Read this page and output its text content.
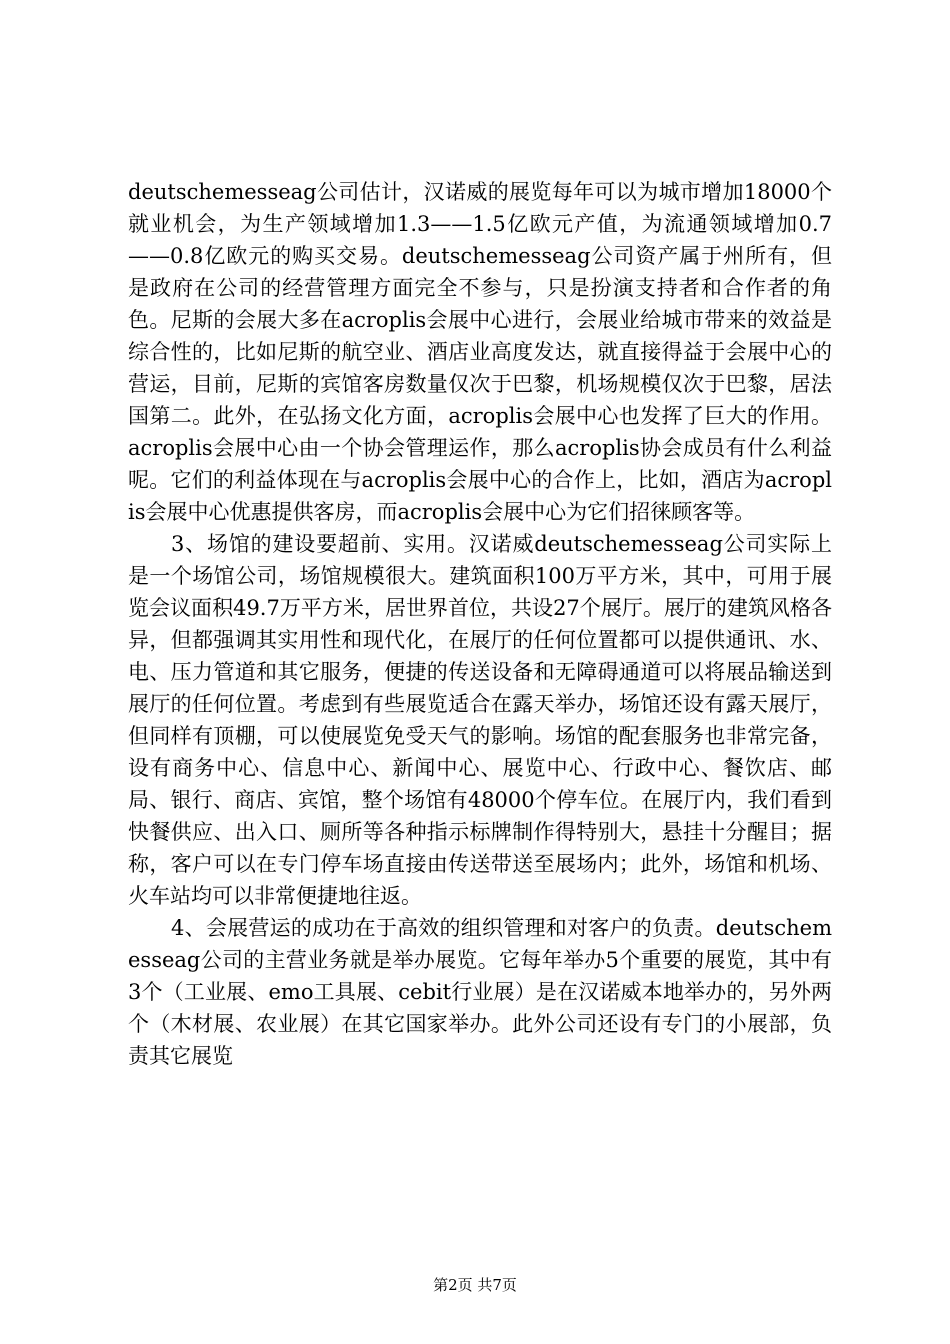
deutschemesseag公司估计，汉诺威的展览每年可以为城市增加18000个就业机会，为生产领域增加1.3——1.5亿欧元产值，为流通领域增加0.7——0.8亿欧元的购买交易。deutschemesseag公司资产属于州所有，但是政府在公司的经营管理方面完全不参与，只是扮演支持者和合作者的角色。尼斯的会展大多在acroplis会展中心进行，会展业给城市带来的效益是综合性的，比如尼斯的航空业、酒店业高度发达，就直接得益于会展中心的营运，目前，尼斯的宾馆客房数量仅次于巴黎，机场规模仅次于巴黎，居法国第二。此外，在弘扬文化方面，acroplis会展中心也发挥了巨大的作用。acroplis会展中心由一个协会管理运作，那么acroplis协会成员有什么利益呢。它们的利益体现在与acroplis会展中心的合作上，比如，酒店为acroplis会展中心优惠提供客房，而acroplis会展中心为它们招徕顾客等。

3、场馆的建设要超前、实用。汉诺威deutschemesseag公司实际上是一个场馆公司，场馆规模很大。建筑面积100万平方米，其中，可用于展览会议面积49.7万平方米，居世界首位，共设27个展厅。展厅的建筑风格各异，但都强调其实用性和现代化，在展厅的任何位置都可以提供通讯、水、电、压力管道和其它服务，便捷的传送设备和无障碍通道可以将展品输送到展厅的任何位置。考虑到有些展览适合在露天举办，场馆还设有露天展厅，但同样有顶棚，可以使展览免受天气的影响。场馆的配套服务也非常完备，设有商务中心、信息中心、新闻中心、展览中心、行政中心、餐饮店、邮局、银行、商店、宾馆，整个场馆有48000个停车位。在展厅内，我们看到快餐供应、出入口、厕所等各种指示标牌制作得特别大，悬挂十分醒目；据称，客户可以在专门停车场直接由传送带送至展场内；此外，场馆和机场、火车站均可以非常便捷地往返。

4、会展营运的成功在于高效的组织管理和对客户的负责。deutschemesseag公司的主营业务就是举办展览。它每年举办5个重要的展览，其中有3个（工业展、emo工具展、cebit行业展）是在汉诺威本地举办的，另外两个（木材展、农业展）在其它国家举办。此外公司还设有专门的小展部，负责其它展览

第2页 共7页
